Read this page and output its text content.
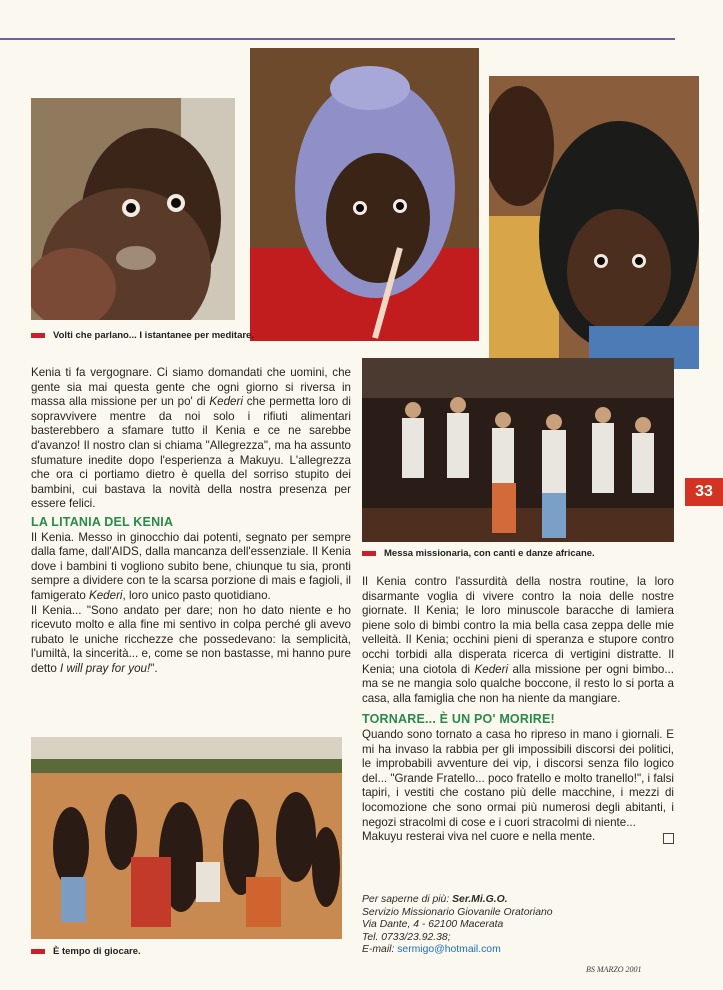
Volti che parlano... I istantanee per meditare.
Messa missionaria, con canti e danze africane.
33

Kenia ti fa vergognare. Ci siamo domandati che uomini, che gente sia mai questa gente che ogni giorno si riversa in massa alla missione per un po' di Kederi che permetta loro di sopravvivere mentre da noi solo i rifiuti alimentari basterebbero a sfamare tutto il Kenia e ce ne sarebbe d'avanzo! Il nostro clan si chiama "Allegrezza", ma ha assunto sfumature inedite dopo l'esperienza a Makuyu. L'allegrezza che ora ci portiamo dietro è quella del sorriso stupito dei bambini, cui bastava la novità della nostra presenza per essere felici.

LA LITANIA DEL KENIA

Il Kenia. Messo in ginocchio dai potenti, segnato per sempre dalla fame, dall'AIDS, dalla mancanza dell'essenziale. Il Kenia dove i bambini ti vogliono subito bene, chiunque tu sia, pronti sempre a dividere con te la scarsa porzione di mais e fagioli, il famigerato Kederi, loro unico pasto quotidiano.

Il Kenia... "Sono andato per dare; non ho dato niente e ho ricevuto molto e alla fine mi sentivo in colpa perché gli avevo rubato le uniche ricchezze che possedevano: la semplicità, l'umiltà, la sincerità... e, come se non bastasse, mi hanno pure detto I will pray for you!".

Il Kenia contro l'assurdità della nostra routine, la loro disarmante voglia di vivere contro la noia delle nostre giornate. Il Kenia; le loro minuscole baracche di lamiera piene solo di bimbi contro la mia bella casa zeppa delle mie velleità. Il Kenia; occhini pieni di speranza e stupore contro occhi torbidi alla disperata ricerca di vertigini distratte. Il Kenia; una ciotola di Kederi alla missione per ogni bimbo... ma se ne mangia solo qualche boccone, il resto lo si porta a casa, alla famiglia che non ha niente da mangiare.

TORNARE... È UN PO' MORIRE!

Quando sono tornato a casa ho ripreso in mano i giornali. E mi ha invaso la rabbia per gli impossibili discorsi dei politici, le improbabili avventure dei vip, i discorsi senza filo logico del... "Grande Fratello... poco fratello e molto tranello!", i falsi tapiri, i vestiti che costano più delle macchine, i mezzi di locomozione che sono ormai più numerosi degli abitanti, i negozi stracolmi di cose e i cuori stracolmi di niente...

Makuyu resterai viva nel cuore e nella mente.

È tempo di giocare.
Per saperne di più: Ser.Mi.G.O.
Servizio Missionario Giovanile Oratoriano
Via Dante, 4 - 62100 Macerata
Tel. 0733/23.92.38;
E-mail: sermigo@hotmail.com
BS MARZO 2001
